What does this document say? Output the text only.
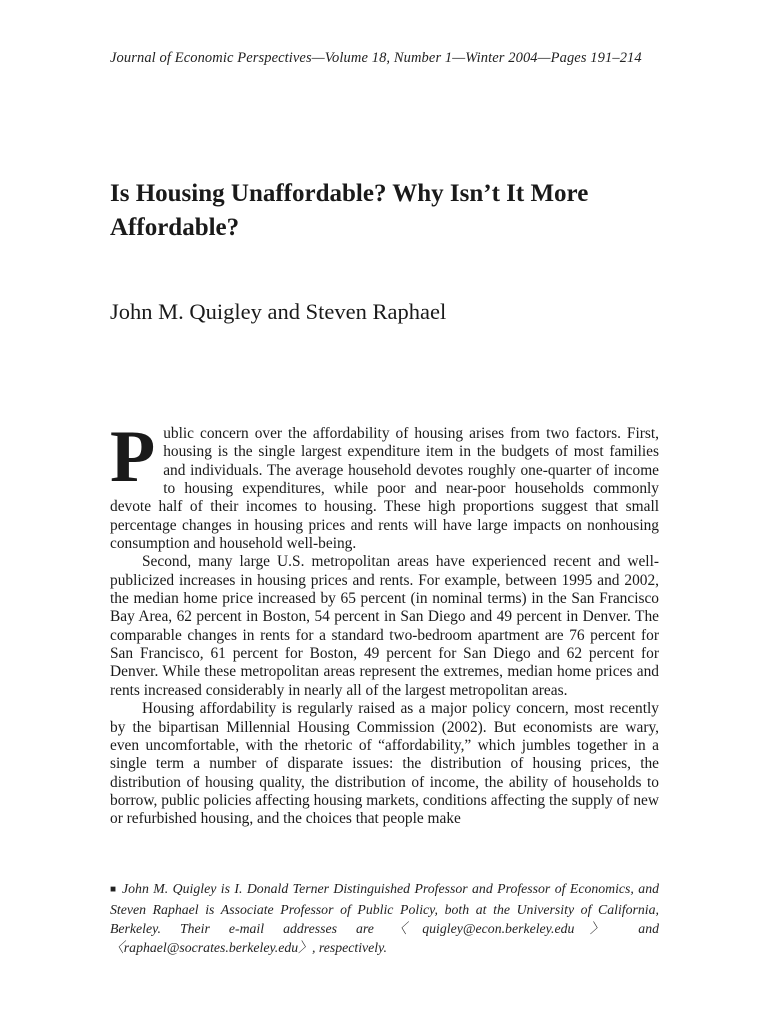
Journal of Economic Perspectives—Volume 18, Number 1—Winter 2004—Pages 191–214
Is Housing Unaffordable? Why Isn’t It More Affordable?
John M. Quigley and Steven Raphael

Public concern over the affordability of housing arises from two factors. First, housing is the single largest expenditure item in the budgets of most families and individuals. The average household devotes roughly one-quarter of income to housing expenditures, while poor and near-poor households commonly devote half of their incomes to housing. These high proportions suggest that small percentage changes in housing prices and rents will have large impacts on nonhousing consumption and household well-being.

Second, many large U.S. metropolitan areas have experienced recent and well-publicized increases in housing prices and rents. For example, between 1995 and 2002, the median home price increased by 65 percent (in nominal terms) in the San Francisco Bay Area, 62 percent in Boston, 54 percent in San Diego and 49 percent in Denver. The comparable changes in rents for a standard two-bedroom apartment are 76 percent for San Francisco, 61 percent for Boston, 49 percent for San Diego and 62 percent for Denver. While these metropolitan areas represent the extremes, median home prices and rents increased considerably in nearly all of the largest metropolitan areas.

Housing affordability is regularly raised as a major policy concern, most recently by the bipartisan Millennial Housing Commission (2002). But economists are wary, even uncomfortable, with the rhetoric of “affordability,” which jumbles together in a single term a number of disparate issues: the distribution of housing prices, the distribution of housing quality, the distribution of income, the ability of households to borrow, public policies affecting housing markets, conditions affecting the supply of new or refurbished housing, and the choices that people make

■ John M. Quigley is I. Donald Terner Distinguished Professor and Professor of Economics, and Steven Raphael is Associate Professor of Public Policy, both at the University of California, Berkeley. Their e-mail addresses are 〈quigley@econ.berkeley.edu〉 and 〈raphael@socrates.berkeley.edu〉, respectively.
